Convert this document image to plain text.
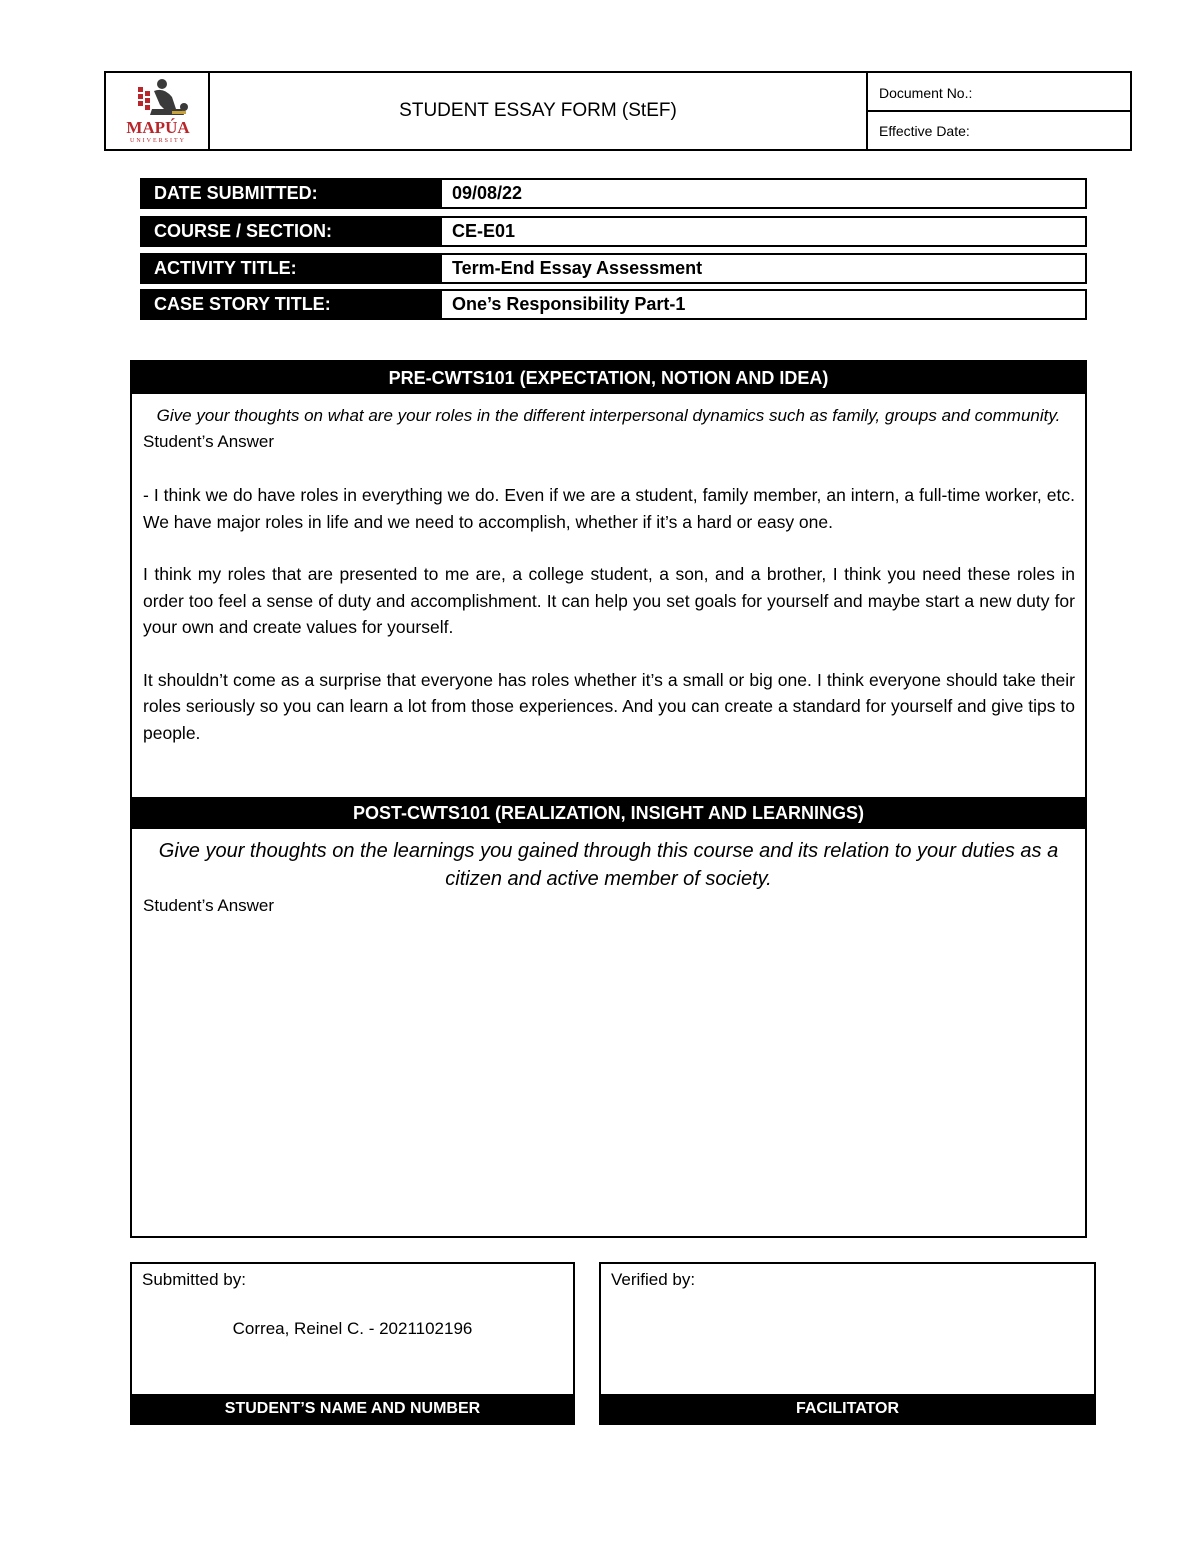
MAPÚA
UNIVERSITY
STUDENT ESSAY FORM (StEF)
Document No.:
Effective Date:
DATE SUBMITTED:	09/08/22
COURSE / SECTION:	CE-E01
ACTIVITY TITLE:	Term-End Essay Assessment
CASE STORY TITLE:	One’s Responsibility Part-1
PRE-CWTS101 (EXPECTATION, NOTION AND IDEA)
Give your thoughts on what are your roles in the different interpersonal dynamics such as family, groups and community.
Student’s Answer

- I think we do have roles in everything we do. Even if we are a student, family member, an intern, a full-time worker, etc. We have major roles in life and we need to accomplish, whether if it’s a hard or easy one.

I think my roles that are presented to me are, a college student, a son, and a brother, I think you need these roles in order too feel a sense of duty and accomplishment. It can help you set goals for yourself and maybe start a new duty for your own and create values for yourself.

It shouldn’t come as a surprise that everyone has roles whether it’s a small or big one. I think everyone should take their roles seriously so you can learn a lot from those experiences. And you can create a standard for yourself and give tips to people.

POST-CWTS101 (REALIZATION, INSIGHT AND LEARNINGS)
Give your thoughts on the learnings you gained through this course and its relation to your duties as a citizen and active member of society.
Student’s Answer
Submitted by:
Correa, Reinel C. - 2021102196
STUDENT’S NAME AND NUMBER
Verified by:
FACILITATOR
